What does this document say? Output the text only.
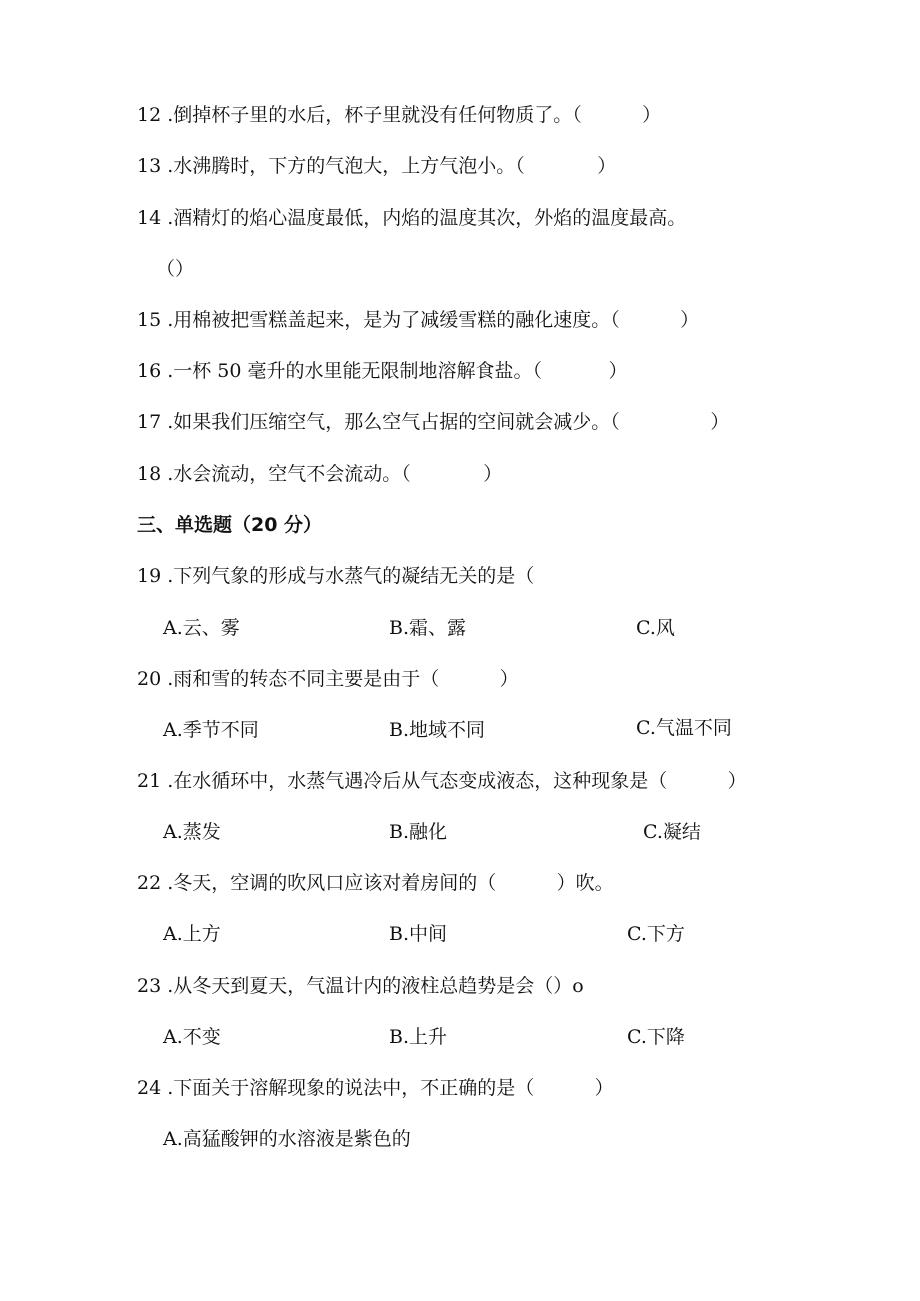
12 .倒掉杯子里的水后，杯子里就没有任何物质了。（          ）
13 .水沸腾时，下方的气泡大，上方气泡小。（            ）
14 .酒精灯的焰心温度最低，内焰的温度其次，外焰的温度最高。
（）
15 .用棉被把雪糕盖起来，是为了减缓雪糕的融化速度。（          ）
16 .一杯 50 毫升的水里能无限制地溶解食盐。（           ）
17 .如果我们压缩空气，那么空气占据的空间就会减少。（               ）
18 .水会流动，空气不会流动。（            ）
三、单选题（20 分）
19 .下列气象的形成与水蒸气的凝结无关的是（
A.云、雾	B.霜、露	C.风
20 .雨和雪的转态不同主要是由于（          ）
A.季节不同	B.地域不同	C.气温不同
21 .在水循环中，水蒸气遇冷后从气态变成液态，这种现象是（          ）
A.蒸发	B.融化	C.凝结
22 .冬天，空调的吹风口应该对着房间的（          ）吹。
A.上方	B.中间	C.下方
23 .从冬天到夏天，气温计内的液柱总趋势是会（）o
A.不变	B.上升	C.下降
24 .下面关于溶解现象的说法中，不正确的是（          ）
A.高猛酸钾的水溶液是紫色的
